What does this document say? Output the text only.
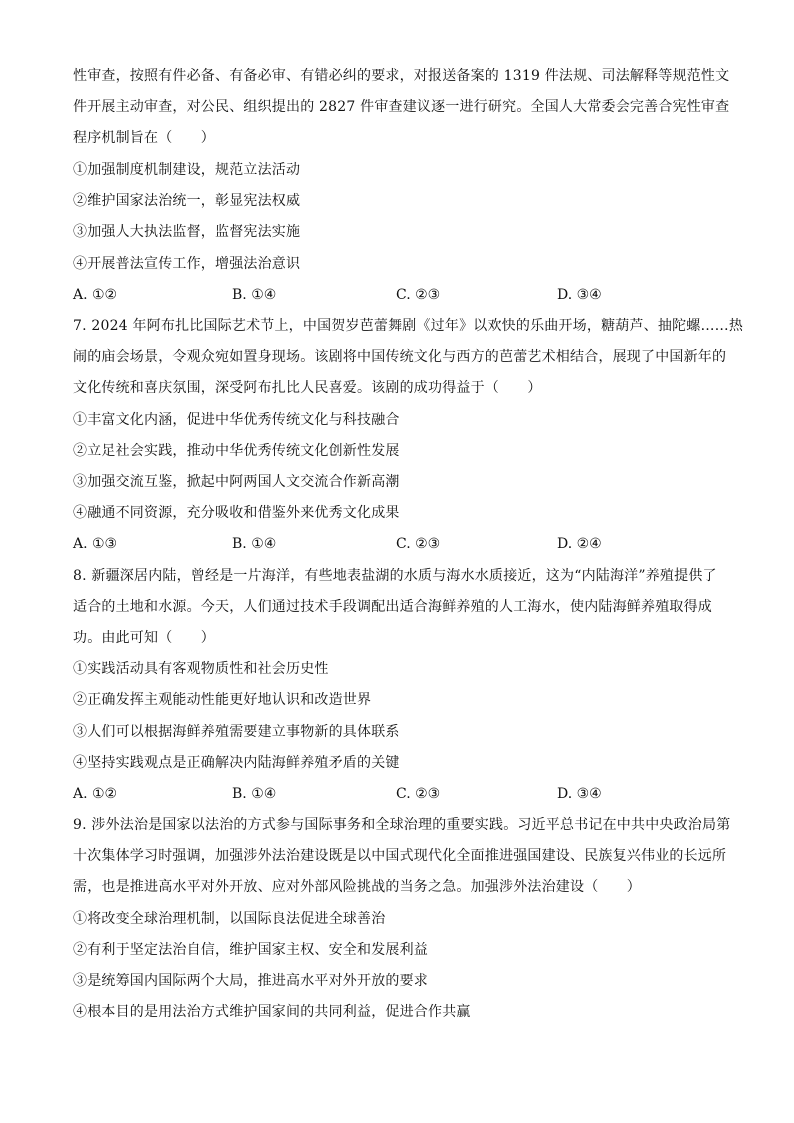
性审查，按照有件必备、有备必审、有错必纠的要求，对报送备案的 1319 件法规、司法解释等规范性文
件开展主动审查，对公民、组织提出的 2827 件审查建议逐一进行研究。全国人大常委会完善合宪性审查
程序机制旨在（　　）
①加强制度机制建设，规范立法活动
②维护国家法治统一，彰显宪法权威
③加强人大执法监督，监督宪法实施
④开展普法宣传工作，增强法治意识
A. ①②	B. ①④	C. ②③	D. ③④
7. 2024 年阿布扎比国际艺术节上，中国贺岁芭蕾舞剧《过年》以欢快的乐曲开场，糖葫芦、抽陀螺……热
闹的庙会场景，令观众宛如置身现场。该剧将中国传统文化与西方的芭蕾艺术相结合，展现了中国新年的
文化传统和喜庆氛围，深受阿布扎比人民喜爱。该剧的成功得益于（　　）
①丰富文化内涵，促进中华优秀传统文化与科技融合
②立足社会实践，推动中华优秀传统文化创新性发展
③加强交流互鉴，掀起中阿两国人文交流合作新高潮
④融通不同资源，充分吸收和借鉴外来优秀文化成果
A. ①③	B. ①④	C. ②③	D. ②④
8. 新疆深居内陆，曾经是一片海洋，有些地表盐湖的水质与海水水质接近，这为“内陆海洋”养殖提供了
适合的土地和水源。今天，人们通过技术手段调配出适合海鲜养殖的人工海水，使内陆海鲜养殖取得成
功。由此可知（　　）
①实践活动具有客观物质性和社会历史性
②正确发挥主观能动性能更好地认识和改造世界
③人们可以根据海鲜养殖需要建立事物新的具体联系
④坚持实践观点是正确解决内陆海鲜养殖矛盾的关键
A. ①②	B. ①④	C. ②③	D. ③④
9. 涉外法治是国家以法治的方式参与国际事务和全球治理的重要实践。习近平总书记在中共中央政治局第
十次集体学习时强调，加强涉外法治建设既是以中国式现代化全面推进强国建设、民族复兴伟业的长远所
需，也是推进高水平对外开放、应对外部风险挑战的当务之急。加强涉外法治建设（　　）
①将改变全球治理机制，以国际良法促进全球善治
②有利于坚定法治自信，维护国家主权、安全和发展利益
③是统筹国内国际两个大局，推进高水平对外开放的要求
④根本目的是用法治方式维护国家间的共同利益，促进合作共赢
